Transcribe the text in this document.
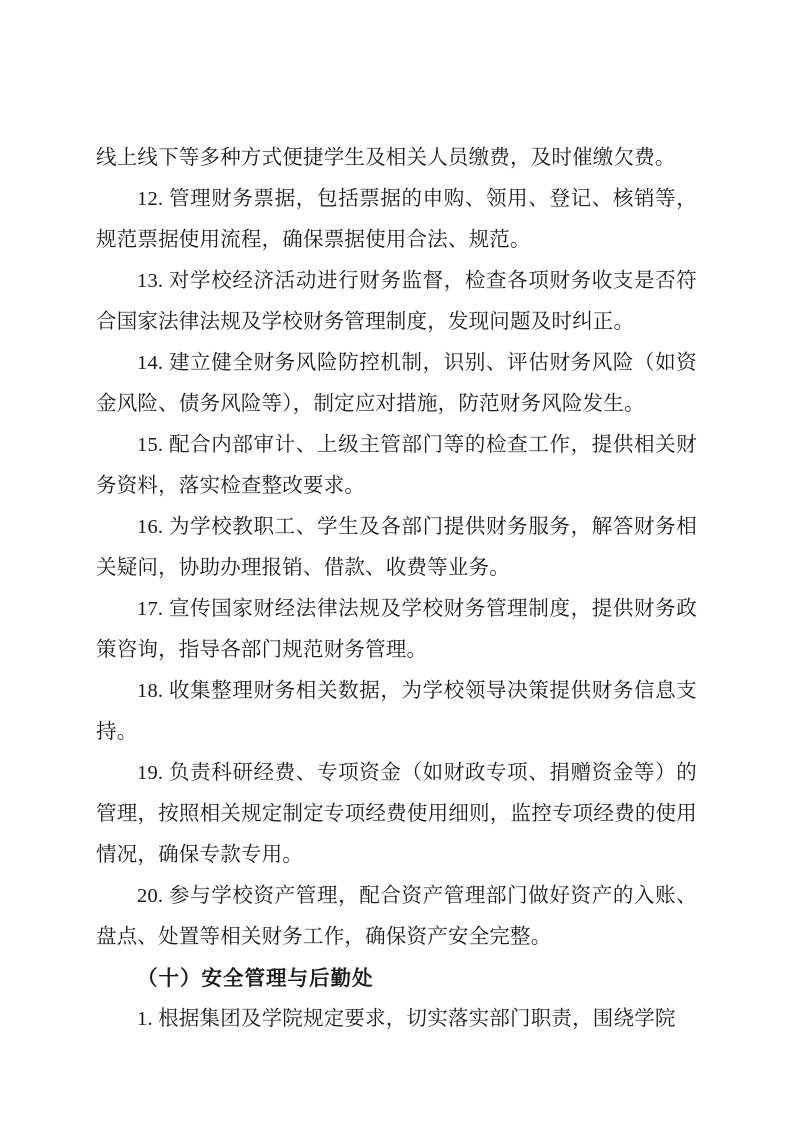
线上线下等多种方式便捷学生及相关人员缴费，及时催缴欠费。

12. 管理财务票据，包括票据的申购、领用、登记、核销等，规范票据使用流程，确保票据使用合法、规范。

13. 对学校经济活动进行财务监督，检查各项财务收支是否符合国家法律法规及学校财务管理制度，发现问题及时纠正。

14. 建立健全财务风险防控机制，识别、评估财务风险（如资金风险、债务风险等），制定应对措施，防范财务风险发生。

15. 配合内部审计、上级主管部门等的检查工作，提供相关财务资料，落实检查整改要求。

16. 为学校教职工、学生及各部门提供财务服务，解答财务相关疑问，协助办理报销、借款、收费等业务。

17. 宣传国家财经法律法规及学校财务管理制度，提供财务政策咨询，指导各部门规范财务管理。

18. 收集整理财务相关数据，为学校领导决策提供财务信息支持。

19. 负责科研经费、专项资金（如财政专项、捐赠资金等）的管理，按照相关规定制定专项经费使用细则，监控专项经费的使用情况，确保专款专用。

20. 参与学校资产管理，配合资产管理部门做好资产的入账、盘点、处置等相关财务工作，确保资产安全完整。

（十）安全管理与后勤处

1. 根据集团及学院规定要求，切实落实部门职责，围绕学院
